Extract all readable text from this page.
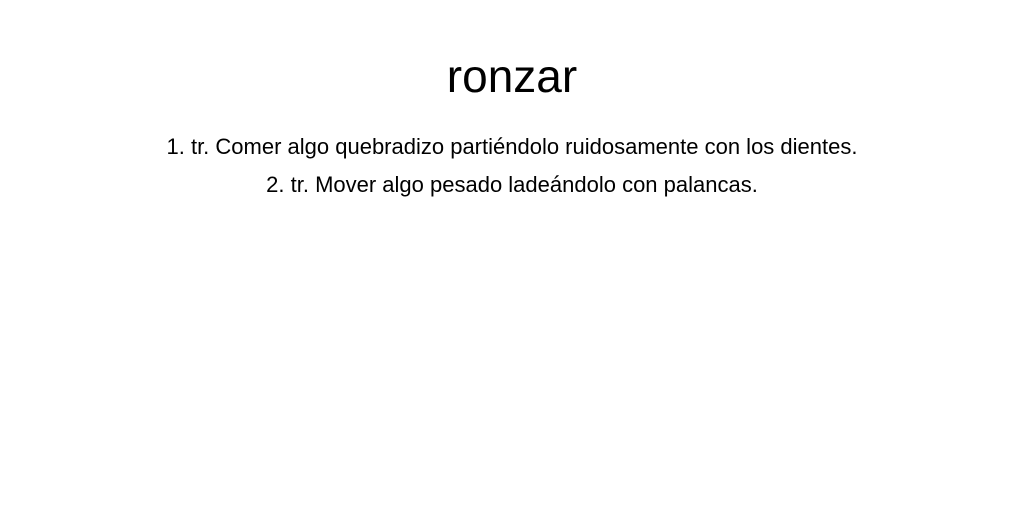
ronzar
1. tr. Comer algo quebradizo partiéndolo ruidosamente con los dientes.
2. tr. Mover algo pesado ladeándolo con palancas.
